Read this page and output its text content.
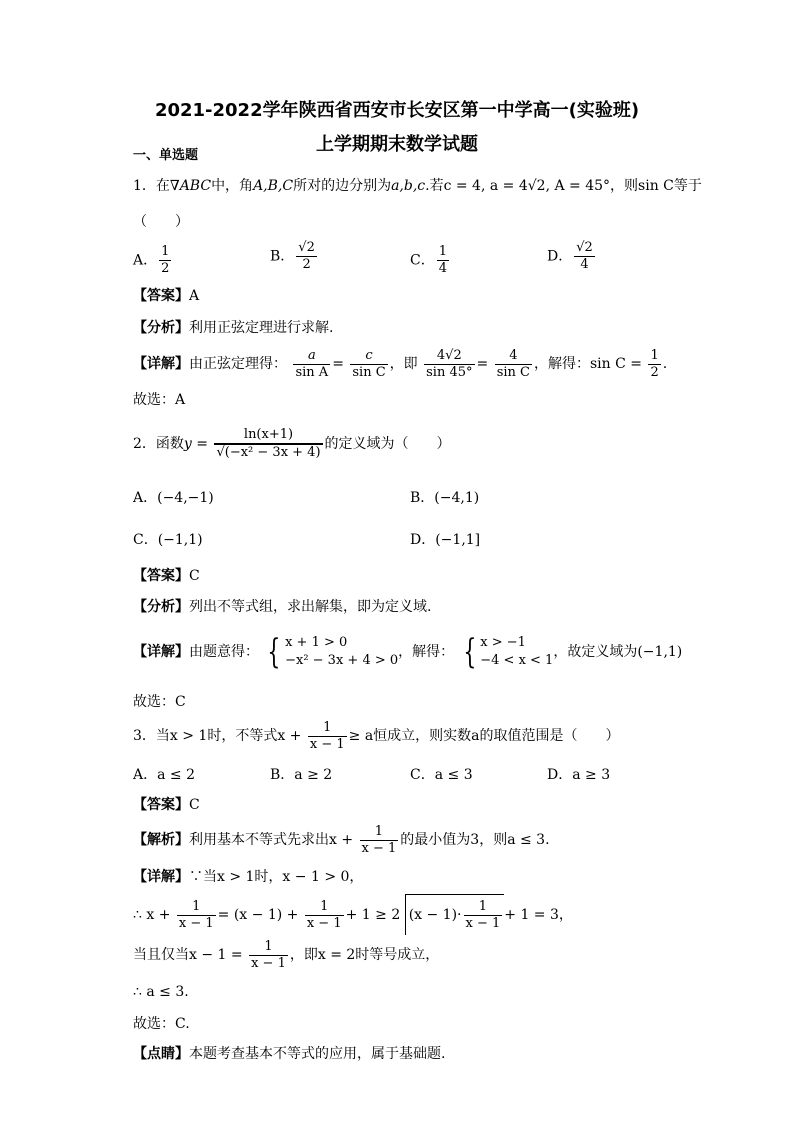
2021-2022学年陕西省西安市长安区第一中学高一(实验班)
上学期期末数学试题
一、单选题
1．在∇ABC中，角A,B,C所对的边分别为a,b,c.若c = 4, a = 4√2, A = 45°，则sin C等于
（　　）
A． $\frac{1}{2}$	B． $\frac{√2}{2}$	C． $\frac{1}{4}$	D． $\frac{√2}{4}$
【答案】A
【分析】利用正弦定理进行求解.
【详解】由正弦定理得： $\frac{a}{\text{sin A}} = \frac{c}{\text{sin C}}$ ，即 $\frac{4√2}{\sin 45^\circ} = \frac{4}{\text{sin C}}$ ，解得：$\sin C = \frac{1}{2}$ .
故选：A
2．函数$y = \frac{\ln(x+1)}{\text{√(−x² − 3x + 4)}}$ 的定义域为（　　）
A．(−4,−1)	B．(−4,1)
C．(−1,1)	D．(−1,1]
【答案】C
【分析】列出不等式组，求出解集，即为定义域.
【详解】由题意得： { x + 1 > 0
−x² − 3x + 4 > 0
，解得： { x > −1
−4 < x < 1
，故定义域为(−1,1)
故选：C
3．当x > 1时，不等式$x + \frac{1}{x - 1} \ge a$恒成立，则实数a的取值范围是（　　）
A．a ≤ 2	B．a ≥ 2	C．a ≤ 3	D．a ≥ 3
【答案】C
【解析】利用基本不等式先求出$x + \frac{1}{x - 1}$ 的最小值为3，则a ≤ 3.
【详解】∵当x > 1时，x − 1 > 0，
∴ $x + \frac{1}{x - 1} = (x - 1) + \frac{1}{x - 1} + 1 \ge 2$ $(x - 1)\cdot \frac{1}{x - 1} + 1 = 3$，
当且仅当$x - 1 = \frac{1}{x - 1}$ ，即x = 2时等号成立，
∴ a ≤ 3.
故选：C.
【点睛】本题考查基本不等式的应用，属于基础题.
